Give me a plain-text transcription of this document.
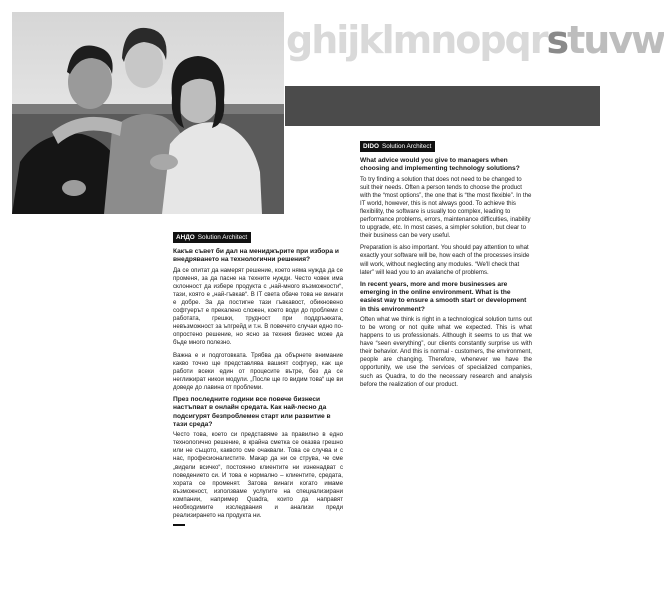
ghijklmnopqrstuvw
АНДО Solution Architect

Какъв съвет би дал на мениджърите при избора и внедряването на технологични решения?

Да се опитат да намерят решение, което няма нужда да се променя, за да пасне на техните нужди. Често човек има склонност да избере продукта с „най-много възможности“, тази, която е „най-гъвкав“. В IT света обаче това не винаги е добре. За да постигне тази гъвкавост, обикновено софтуерът е прекалено сложен, което води до проблеми с работата, грешки, трудност при поддръжката, невъзможност за ъпгрейд и т.н. В повечето случаи едно по-опростено решение, но ясно за техния бизнес може да бъде много полезно.

Важна е и подготовката. Трябва да обърнете внимание какво точно ще представлява вашият софтуер, как ще работи всеки един от процесите вътре, без да се неглижират никои модули. „После ще го видим това“ ще ви доведе до лавина от проблеми.

През последните години все повече бизнеси настъпват в онлайн средата. Как най-лесно да подсигурят безпроблемен старт или развитие в тази среда?

Често това, което си представяме за правилно в едно технологично решение, в крайна сметка се оказва грешно или не същото, каквото сме очаквали. Това се случва и с нас, професионалистите. Макар да ни се струва, че сме „видели всичко“, постоянно клиентите ни изненадват с поведението си. И това е нормално – клиентите, средата, хората се променят. Затова винаги когато имаме възможност, използваме услугите на специализирани компании, например Quadra, които да направят необходимите изследвания и анализи преди реализирането на продукта ни.

DIDO Solution Architect

What advice would you give to managers when choosing and implementing technology solutions?

To try finding a solution that does not need to be changed to suit their needs. Often a person tends to choose the product with the “most options”, the one that is “the most flexible”. In the IT world, however, this is not always good. To achieve this flexibility, the software is usually too complex, leading to performance problems, errors, maintenance difficulties, inability to upgrade, etc. In most cases, a simpler solution, but clear to their business can be very useful.

Preparation is also important. You should pay attention to what exactly your software will be, how each of the processes inside will work, without neglecting any modules. “We'll check that later” will lead you to an avalanche of problems.

In recent years, more and more businesses are emerging in the online environment. What is the easiest way to ensure a smooth start or development in this environment?

Often what we think is right in a technological solution turns out to be wrong or not quite what we expected. This is what happens to us professionals. Although it seems to us that we have “seen everything”, our clients constantly surprise us with their behavior. And this is normal - customers, the environment, people are changing. Therefore, whenever we have the opportunity, we use the services of specialized companies, such as Quadra, to do the necessary research and analysis before the realization of our product.
